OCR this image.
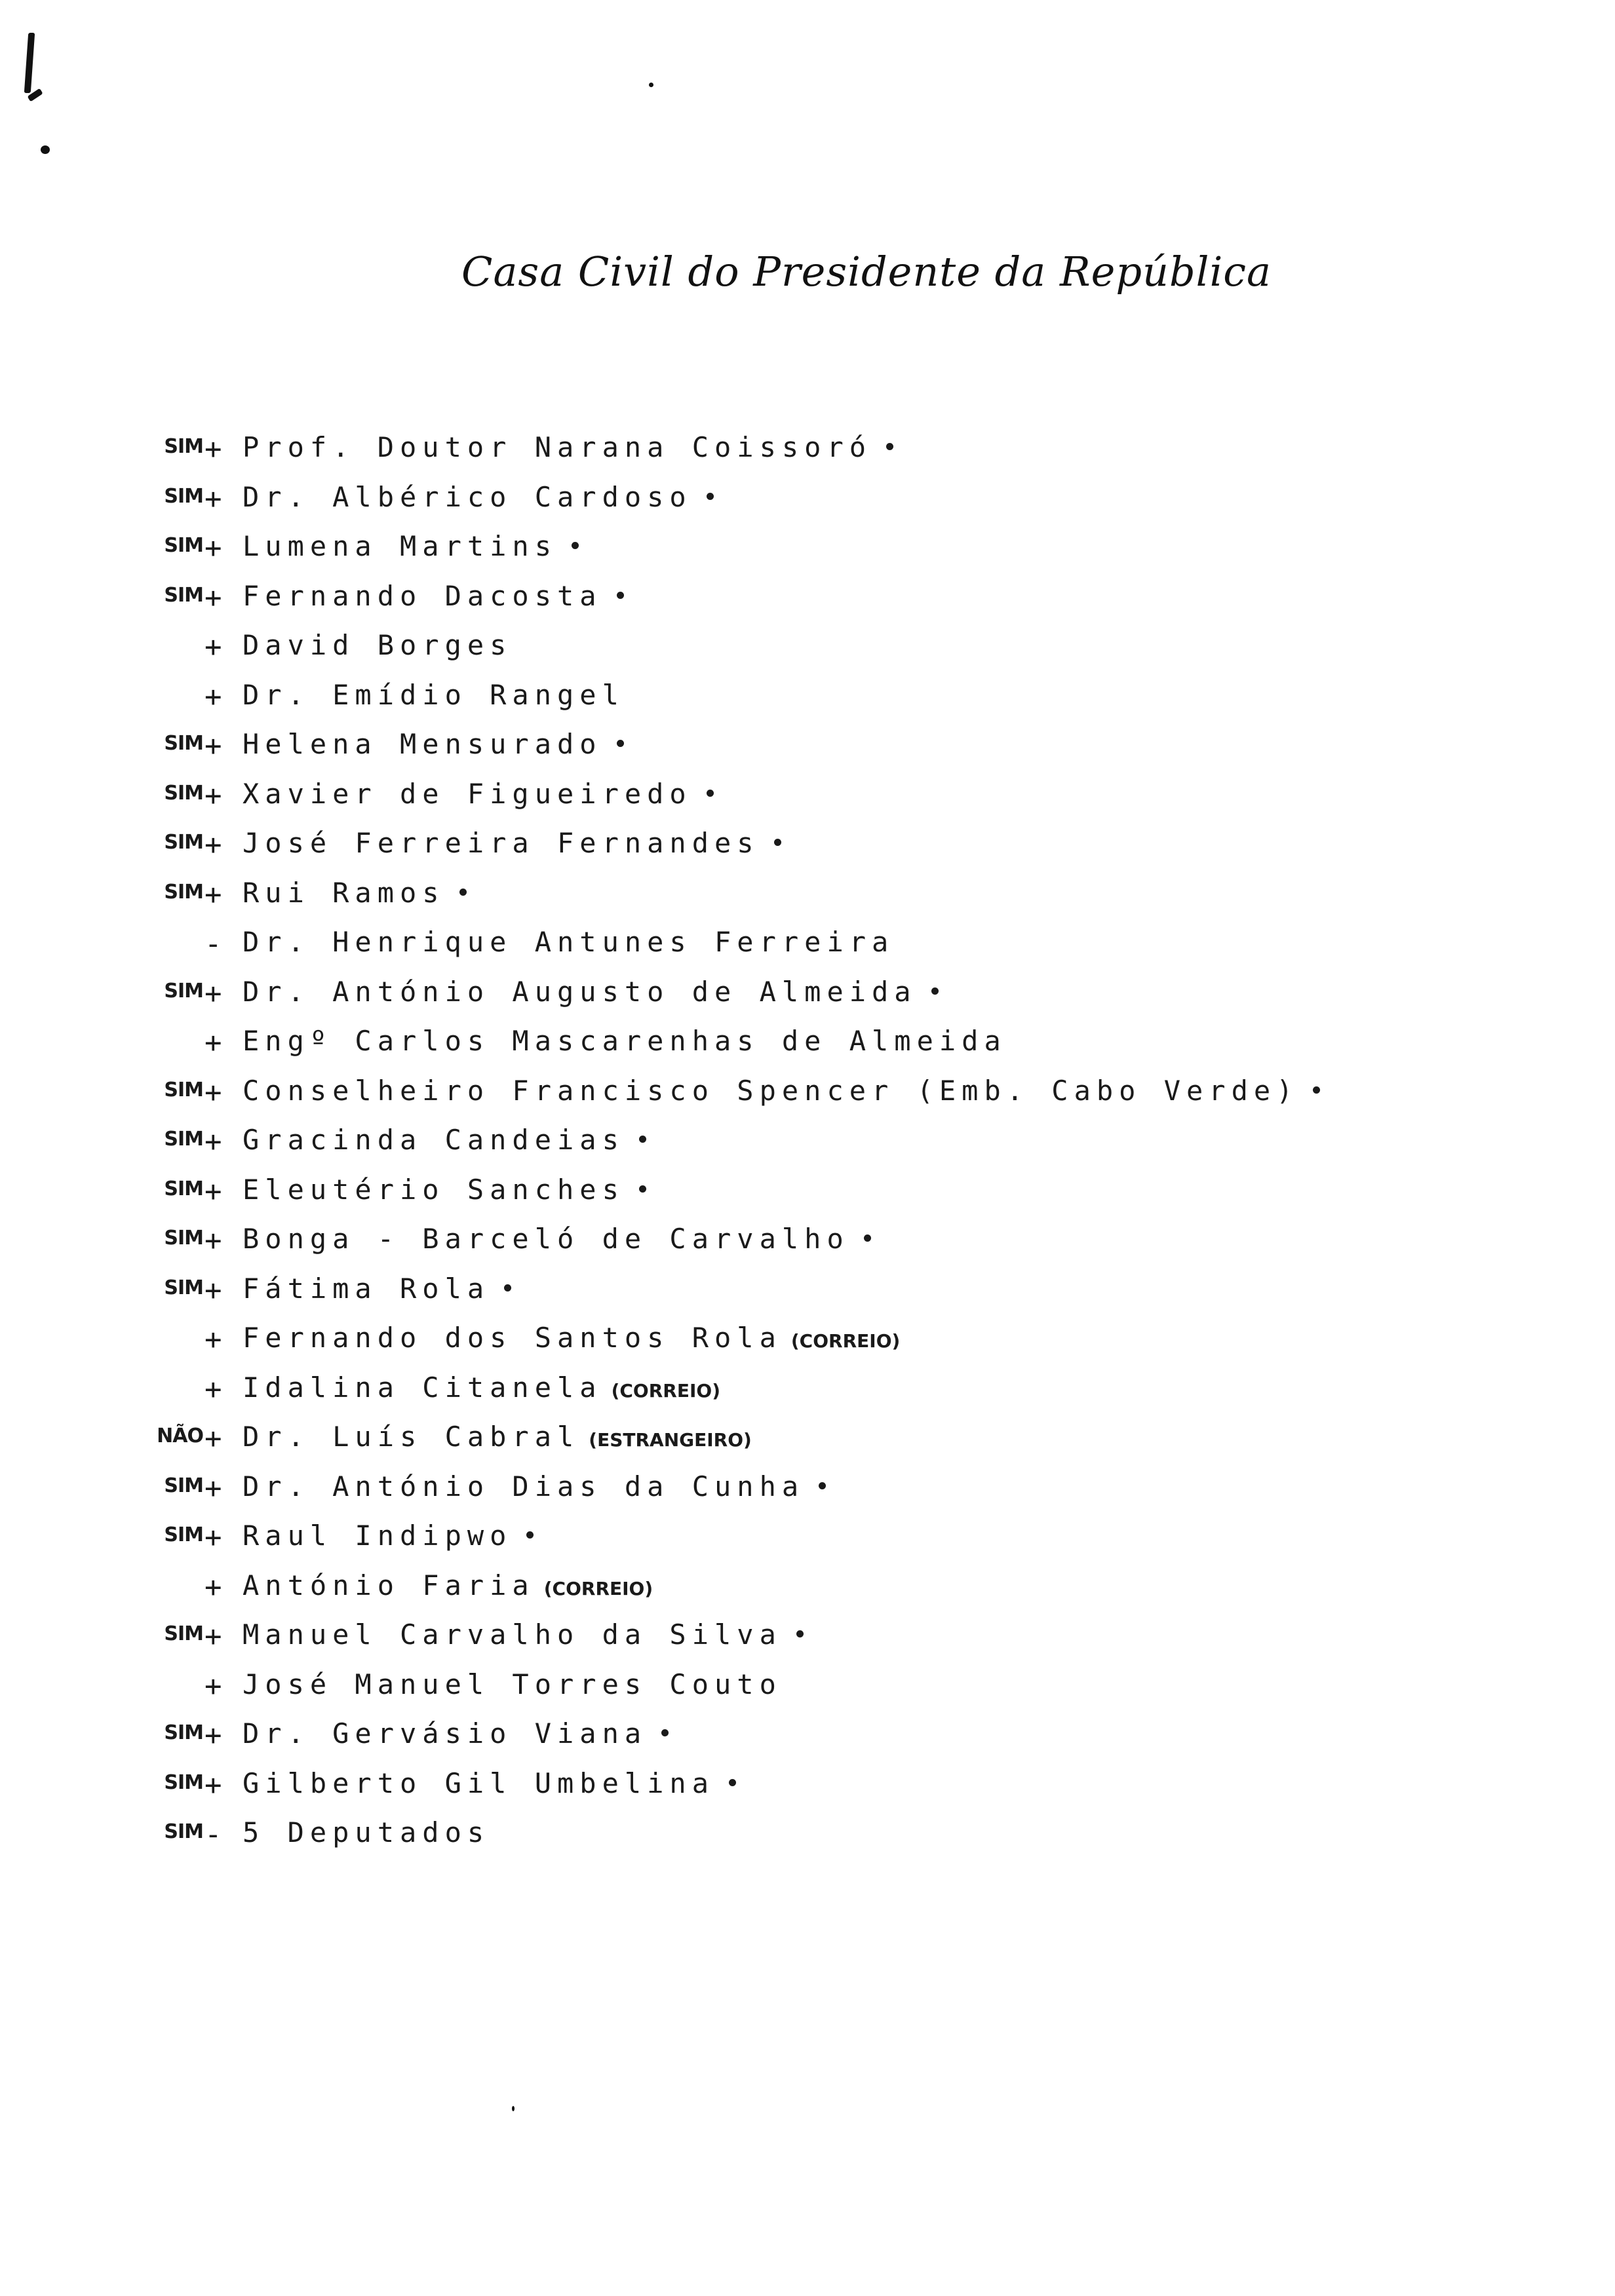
Casa Civil do Presidente da República
SIM + Prof. Doutor Narana Coissoró
SIM + Dr. Albérico Cardoso
SIM + Lumena Martins
SIM + Fernando Dacosta
+ David Borges
+ Dr. Emídio Rangel
SIM + Helena Mensurado
SIM + Xavier de Figueiredo
SIM + José Ferreira Fernandes
SIM + Rui Ramos
- Dr. Henrique Antunes Ferreira
SIM + Dr. António Augusto de Almeida
+ Engº Carlos Mascarenhas de Almeida
SIM + Conselheiro Francisco Spencer (Emb. Cabo Verde)
SIM + Gracinda Candeias
SIM + Eleutério Sanches
SIM + Bonga - Barceló de Carvalho
SIM + Fátima Rola
+ Fernando dos Santos Rola (CORREIO)
+ Idalina Citanela (CORREIO)
NÃO + Dr. Luís Cabral (ESTRANGEIRO)
SIM + Dr. António Dias da Cunha
SIM + Raul Indipwo
+ António Faria (CORREIO)
SIM + Manuel Carvalho da Silva
+ José Manuel Torres Couto
SIM + Dr. Gervásio Viana
SIM + Gilberto Gil Umbelina
SIM - 5 Deputados
